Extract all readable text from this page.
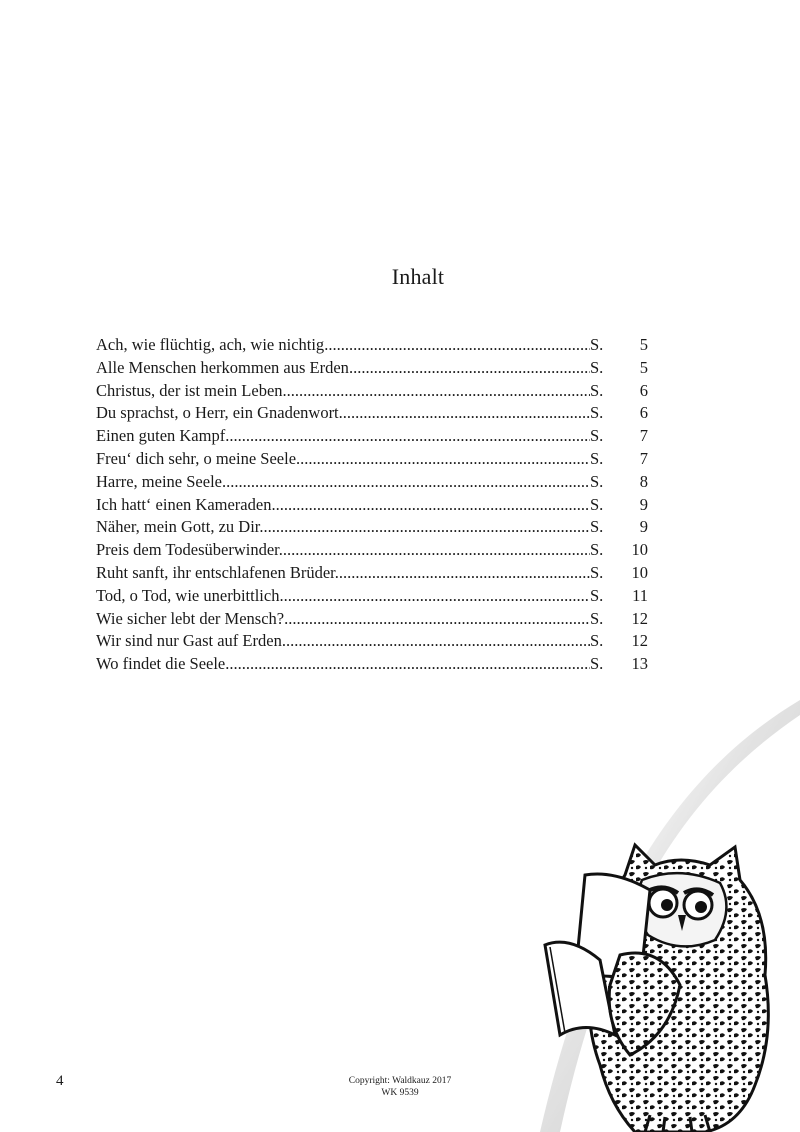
Inhalt
Ach, wie flüchtig, ach, wie nichtig .....	S. 5
Alle Menschen herkommen aus Erden .....	S. 5
Christus, der ist mein Leben .....	S. 6
Du sprachst, o Herr, ein Gnadenwort .....	S. 6
Einen guten Kampf .....	S. 7
Freu‘ dich sehr, o meine Seele .....	S. 7
Harre, meine Seele .....	S. 8
Ich hatt‘ einen Kameraden .....	S. 9
Näher, mein Gott, zu Dir .....	S. 9
Preis dem Todesüberwinder .....	S. 10
Ruht sanft, ihr entschlafenen Brüder .....	S. 10
Tod, o Tod, wie unerbittlich .....	S. 11
Wie sicher lebt der Mensch? .....	S. 12
Wir sind nur Gast auf Erden .....	S. 12
Wo findet die Seele .....	S. 13
4	Copyright: Waldkauz 2017
WK 9539
